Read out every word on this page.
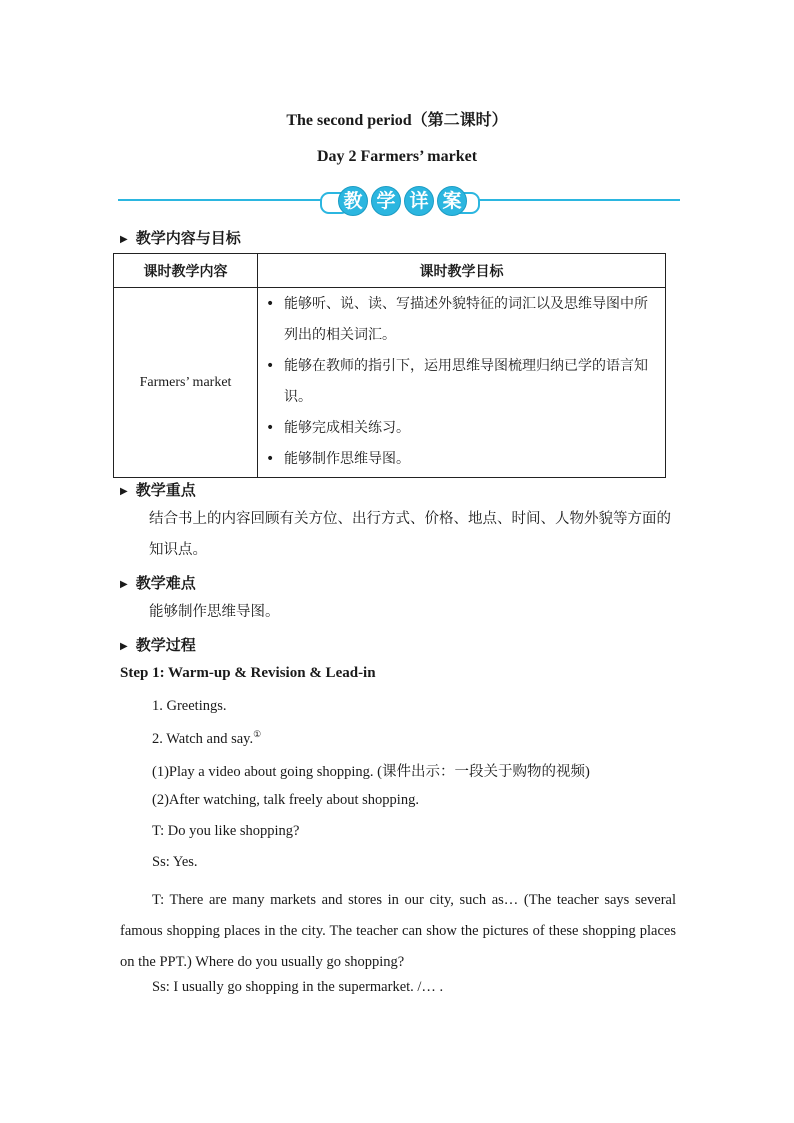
The second period（第二课时）
Day 2 Farmers’ market
教 学 详 案
▶ 教学内容与目标
课时教学内容	课时教学目标
Farmers’ market	• 能够听、说、读、写描述外貌特征的词汇以及思维导图中所列出的相关词汇。
• 能够在教师的指引下，运用思维导图梳理归纳已学的语言知识。
• 能够完成相关练习。
• 能够制作思维导图。
▶ 教学重点
结合书上的内容回顾有关方位、出行方式、价格、地点、时间、人物外貌等方面的知识点。
▶ 教学难点
能够制作思维导图。
▶ 教学过程
Step 1: Warm-up & Revision & Lead-in
1. Greetings.
2. Watch and say.①
(1)Play a video about going shopping. (课件出示：一段关于购物的视频)
(2)After watching, talk freely about shopping.
T: Do you like shopping?
Ss: Yes.
T: There are many markets and stores in our city, such as… (The teacher says several famous shopping places in the city. The teacher can show the pictures of these shopping places on the PPT.) Where do you usually go shopping?
Ss: I usually go shopping in the supermarket. /… .
